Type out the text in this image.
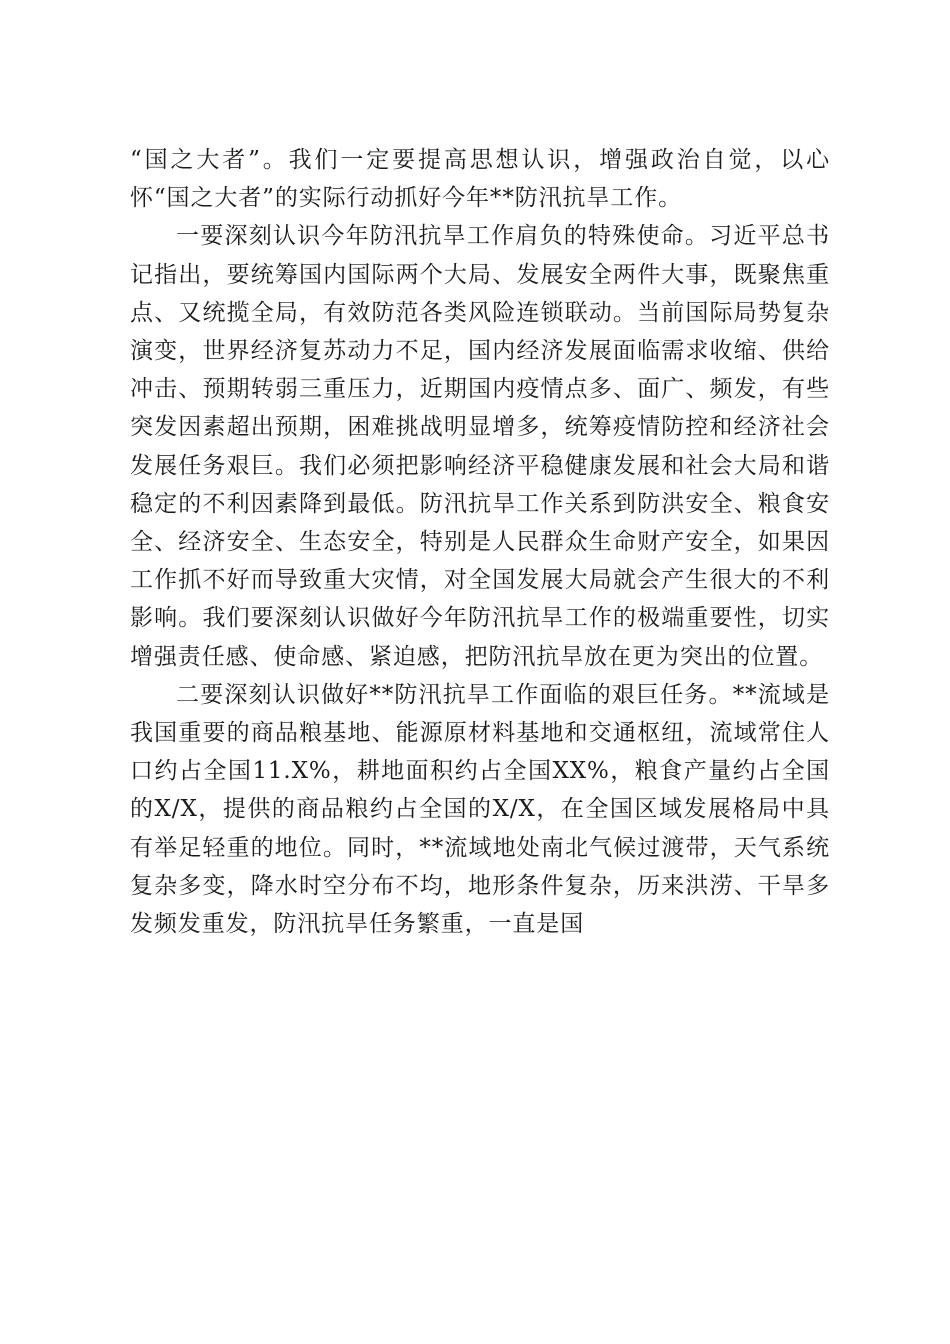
“国之大者”。我们一定要提高思想认识，增强政治自觉，以心怀“国之大者”的实际行动抓好今年**防汛抗旱工作。

一要深刻认识今年防汛抗旱工作肩负的特殊使命。习近平总书记指出，要统筹国内国际两个大局、发展安全两件大事，既聚焦重点、又统揽全局，有效防范各类风险连锁联动。当前国际局势复杂演变，世界经济复苏动力不足，国内经济发展面临需求收缩、供给冲击、预期转弱三重压力，近期国内疫情点多、面广、频发，有些突发因素超出预期，困难挑战明显增多，统筹疫情防控和经济社会发展任务艰巨。我们必须把影响经济平稳健康发展和社会大局和谐稳定的不利因素降到最低。防汛抗旱工作关系到防洪安全、粮食安全、经济安全、生态安全，特别是人民群众生命财产安全，如果因工作抓不好而导致重大灾情，对全国发展大局就会产生很大的不利影响。我们要深刻认识做好今年防汛抗旱工作的极端重要性，切实增强责任感、使命感、紧迫感，把防汛抗旱放在更为突出的位置。

二要深刻认识做好**防汛抗旱工作面临的艰巨任务。**流域是我国重要的商品粮基地、能源原材料基地和交通枢纽，流域常住人口约占全国11.X%，耕地面积约占全国XX%，粮食产量约占全国的X/X，提供的商品粮约占全国的X/X，在全国区域发展格局中具有举足轻重的地位。同时，**流域地处南北气候过渡带，天气系统复杂多变，降水时空分布不均，地形条件复杂，历来洪涝、干旱多发频发重发，防汛抗旱任务繁重，一直是国
